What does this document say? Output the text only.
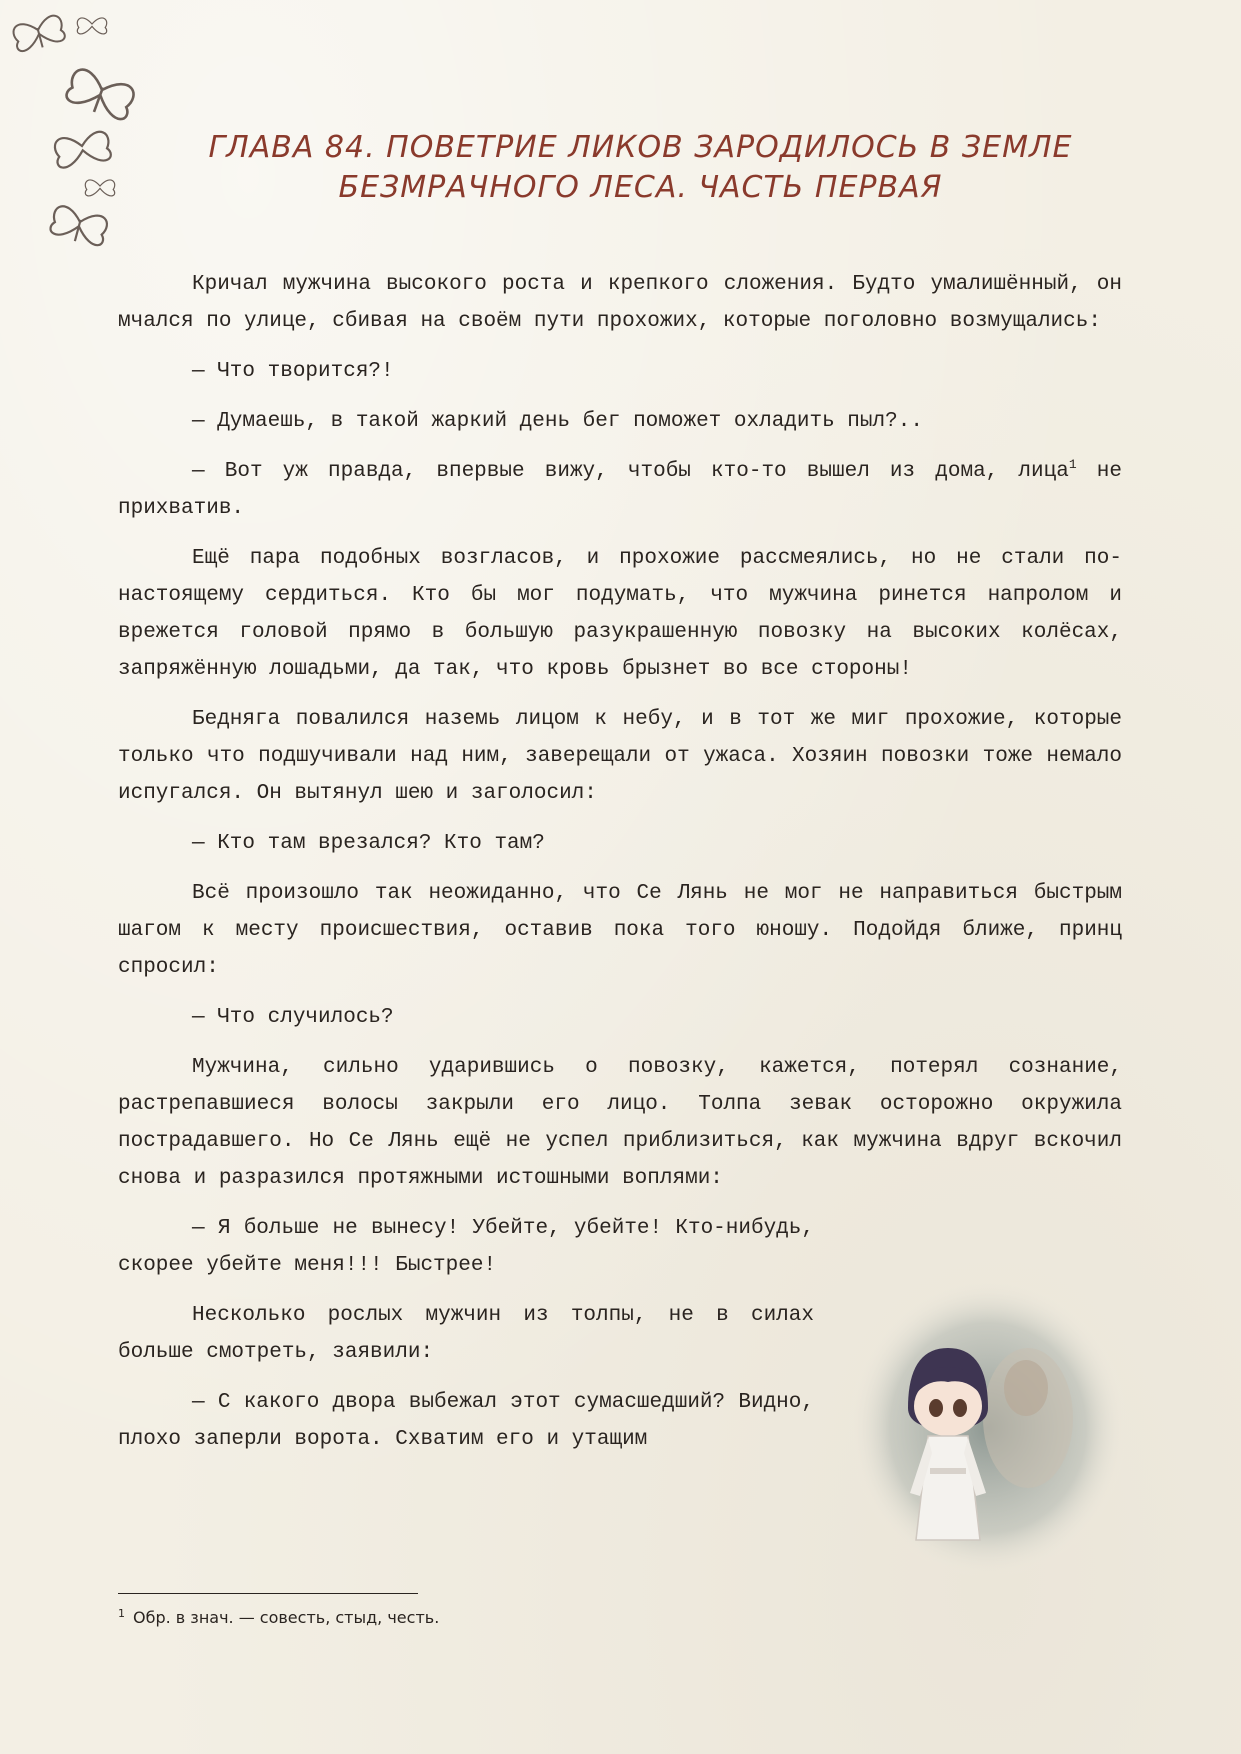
ГЛАВА 84. ПОВЕТРИЕ ЛИКОВ ЗАРОДИЛОСЬ В ЗЕМЛЕ
БЕЗМРАЧНОГО ЛЕСА. ЧАСТЬ ПЕРВАЯ

Кричал мужчина высокого роста и крепкого сложения. Будто умалишённый, он мчался по улице, сбивая на своём пути прохожих, которые поголовно возмущались:

— Что творится?!

— Думаешь, в такой жаркий день бег поможет охладить пыл?..

— Вот уж правда, впервые вижу, чтобы кто-то вышел из дома, лица$^1$ не прихватив.

Ещё пара подобных возгласов, и прохожие рассмеялись, но не стали по-настоящему сердиться. Кто бы мог подумать, что мужчина ринется напролом и врежется головой прямо в большую разукрашенную повозку на высоких колёсах, запряжённую лошадьми, да так, что кровь брызнет во все стороны!

Бедняга повалился наземь лицом к небу, и в тот же миг прохожие, которые только что подшучивали над ним, заверещали от ужаса. Хозяин повозки тоже немало испугался. Он вытянул шею и заголосил:

— Кто там врезался? Кто там?

Всё произошло так неожиданно, что Се Лянь не мог не направиться быстрым шагом к месту происшествия, оставив пока того юношу. Подойдя ближе, принц спросил:

— Что случилось?

Мужчина, сильно ударившись о повозку, кажется, потерял сознание, растрепавшиеся волосы закрыли его лицо. Толпа зевак осторожно окружила пострадавшего. Но Се Лянь ещё не успел приблизиться, как мужчина вдруг вскочил снова и разразился протяжными истошными воплями:

— Я больше не вынесу! Убейте, убейте! Кто-нибудь, скорее убейте меня!!! Быстрее!

Несколько рослых мужчин из толпы, не в силах больше смотреть, заявили:

— С какого двора выбежал этот сумасшедший? Видно, плохо заперли ворота. Схватим его и утащим

$^1$ Обр. в знач. — совесть, стыд, честь.
